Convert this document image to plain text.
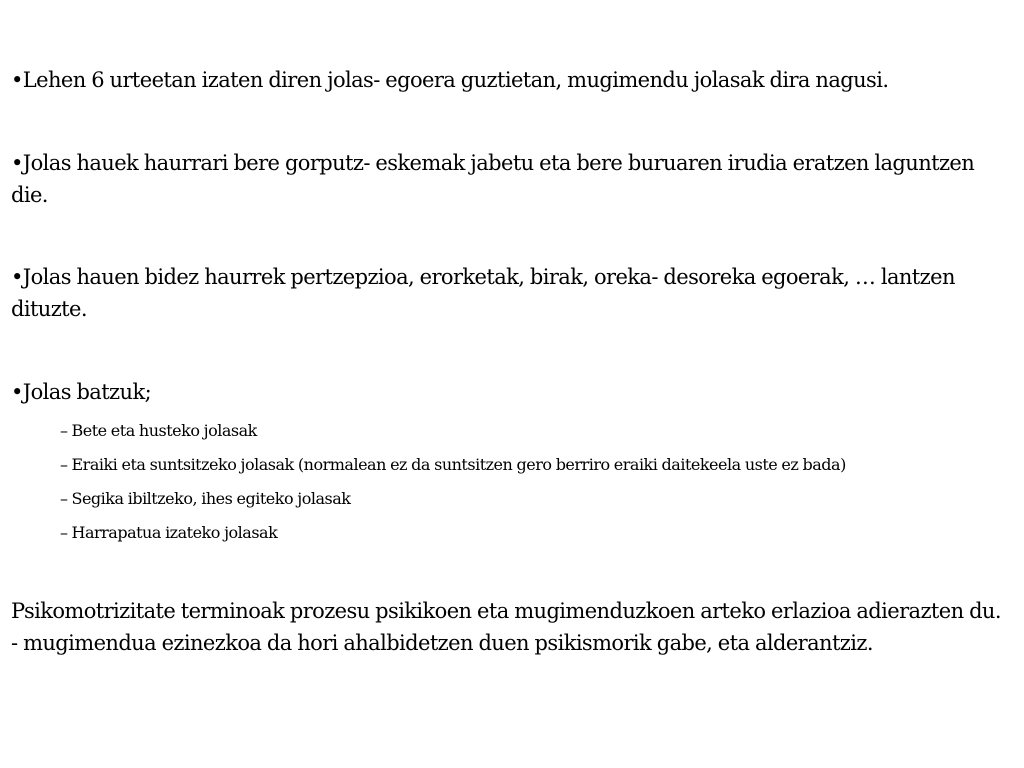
•Lehen 6 urteetan izaten diren jolas- egoera guztietan, mugimendu jolasak dira nagusi.
•Jolas hauek haurrari bere gorputz- eskemak jabetu eta bere buruaren irudia eratzen laguntzen die.
•Jolas hauen bidez haurrek pertzepzioa, erorketak, birak, oreka- desoreka egoerak, … lantzen dituzte.
•Jolas batzuk;
– Bete eta husteko jolasak
– Eraiki eta suntsitzeko jolasak (normalean ez da suntsitzen gero berriro eraiki daitekeela uste ez bada)
– Segika ibiltzeko, ihes egiteko jolasak
– Harrapatua izateko jolasak
Psikomotrizitate terminoak prozesu psikikoen eta mugimenduzkoen arteko erlazioa adierazten du. - mugimendua ezinezkoa da hori ahalbidetzen duen psikismorik gabe, eta alderantziz.
